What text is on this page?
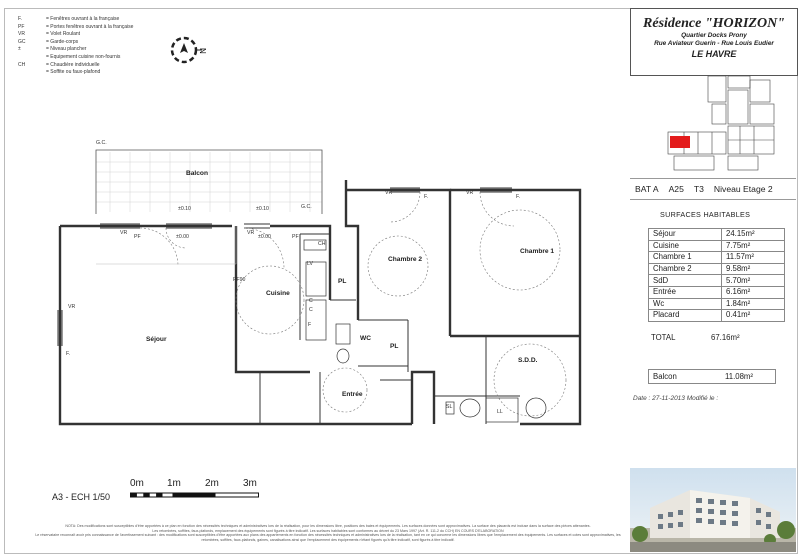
F.	= Fenêtres ouvrant à la française
PF	= Portes fenêtres ouvrant à la française
VR	= Volet Roulant
GC	= Garde-corps
±	= Niveau plancher
= Equipement cuisine non-fournis
CH	= Chaudière individuelle
= Soffite ou faux-plafond
N
Résidence "HORIZON"
Quartier Docks Prony
Rue Aviateur Guerin - Rue Louis Eudier
LE HAVRE
BAT A	A25	T3	Niveau Etage 2
SURFACES HABITABLES
Séjour	24.15m²
Cuisine	7.75m²
Chambre 1	11.57m²
Chambre 2	9.58m²
SdD	5.70m²
Entrée	6.16m²
Wc	1.84m²
Placard	0.41m²
TOTAL	67.16m²
Balcon	11.08m²
Date : 27-11-2013 Modifié le :
0m 1m 2m 3m
A3 - ECH 1/50
NOTA: Des modifications sont susceptibles d'être apportées à ce plan en fonction des nécessités techniques et administratives lors de la réalisation, pour les dimensions libre, positions des baies et équipements. Les surfaces données sont approximatives. La surface des placards est incluse dans la surface des pièces attenantes.
Les retombées, soffites, faux-plafonds, emplacement des équipements sont figurés à titre indicatif. Les surfaces habitables sont conformes au décret du 23 Mars 1997 (Art. R. 111-2 du CCH) EN COURS D'ELABORATION
Le réservataire reconnaît avoir pris connaissance de l'avertissement suivant : des modifications sont susceptibles d'être apportées aux plans des appartements en fonction des nécessités techniques et administratives lors de la réalisation, tant en ce qui concerne les dimensions libres que l'emplacement des équipements. Les surfaces et cotes sont approximatives, les retombées, soffites, faux-plafonds, gaines, canalisations ainsi que l'emplacement des équipements n'étant figurés qu'à titre indicatif, sont figurés à titre indicatif.
Balcon
Séjour
Cuisine
Chambre 2
Chambre 1
WC
S.D.D.
Entrée
G.C.
G.C.
VR
PF
VR
PF
VR
F.
F.	F.
VR	VR
±0.10	±0.10
±0.00	±0.00
CH
LV
C
C
F
PL
PL
PF90
LL
SL
